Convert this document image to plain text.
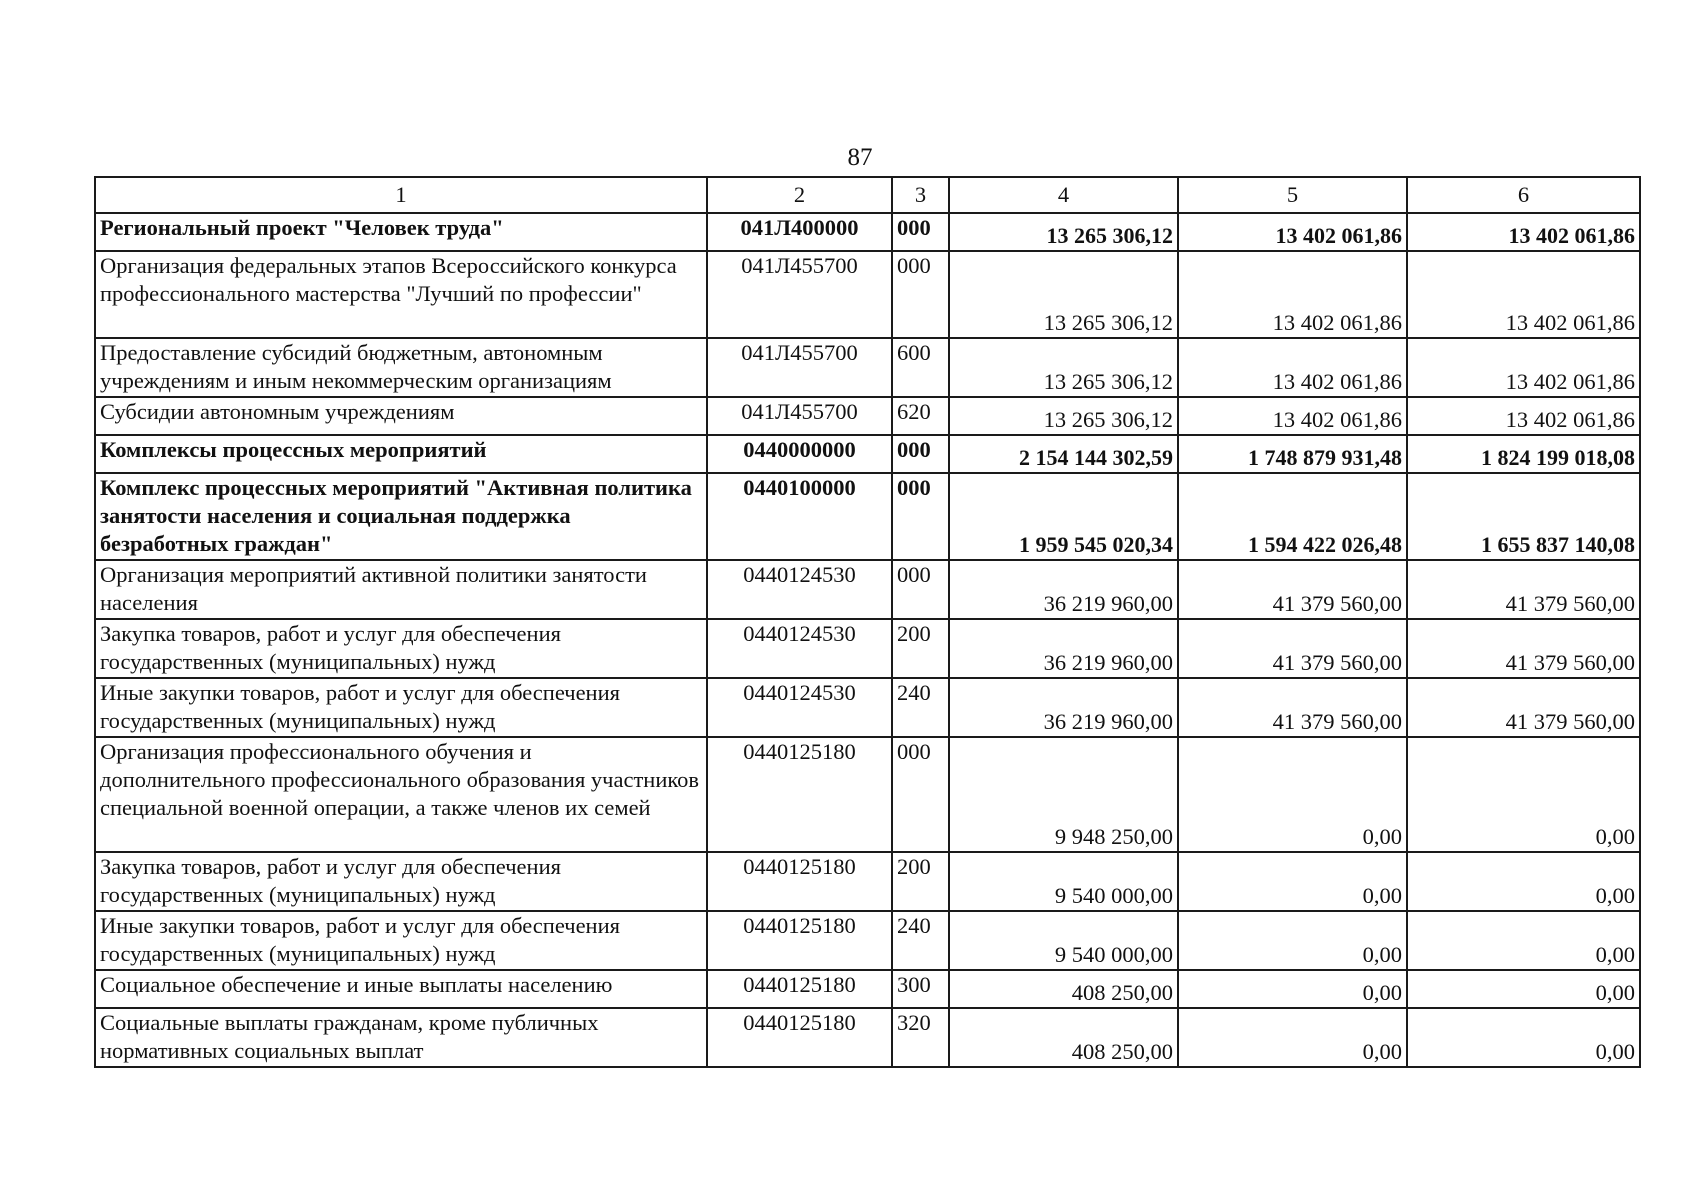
87
1	2	3	4	5	6
Региональный проект "Человек труда"	041Л400000	000	13 265 306,12	13 402 061,86	13 402 061,86
Организация федеральных этапов Всероссийского конкурса профессионального мастерства "Лучший по профессии"	041Л455700	000	13 265 306,12	13 402 061,86	13 402 061,86
Предоставление субсидий бюджетным, автономным учреждениям и иным некоммерческим организациям	041Л455700	600	13 265 306,12	13 402 061,86	13 402 061,86
Субсидии автономным учреждениям	041Л455700	620	13 265 306,12	13 402 061,86	13 402 061,86
Комплексы процессных мероприятий	0440000000	000	2 154 144 302,59	1 748 879 931,48	1 824 199 018,08
Комплекс процессных мероприятий "Активная политика занятости населения и социальная поддержка безработных граждан"	0440100000	000	1 959 545 020,34	1 594 422 026,48	1 655 837 140,08
Организация мероприятий активной политики занятости населения	0440124530	000	36 219 960,00	41 379 560,00	41 379 560,00
Закупка товаров, работ и услуг для обеспечения государственных (муниципальных) нужд	0440124530	200	36 219 960,00	41 379 560,00	41 379 560,00
Иные закупки товаров, работ и услуг для обеспечения государственных (муниципальных) нужд	0440124530	240	36 219 960,00	41 379 560,00	41 379 560,00
Организация профессионального обучения и дополнительного профессионального образования участников специальной военной операции, а также членов их семей	0440125180	000	9 948 250,00	0,00	0,00
Закупка товаров, работ и услуг для обеспечения государственных (муниципальных) нужд	0440125180	200	9 540 000,00	0,00	0,00
Иные закупки товаров, работ и услуг для обеспечения государственных (муниципальных) нужд	0440125180	240	9 540 000,00	0,00	0,00
Социальное обеспечение и иные выплаты населению	0440125180	300	408 250,00	0,00	0,00
Социальные выплаты гражданам, кроме публичных нормативных социальных выплат	0440125180	320	408 250,00	0,00	0,00
